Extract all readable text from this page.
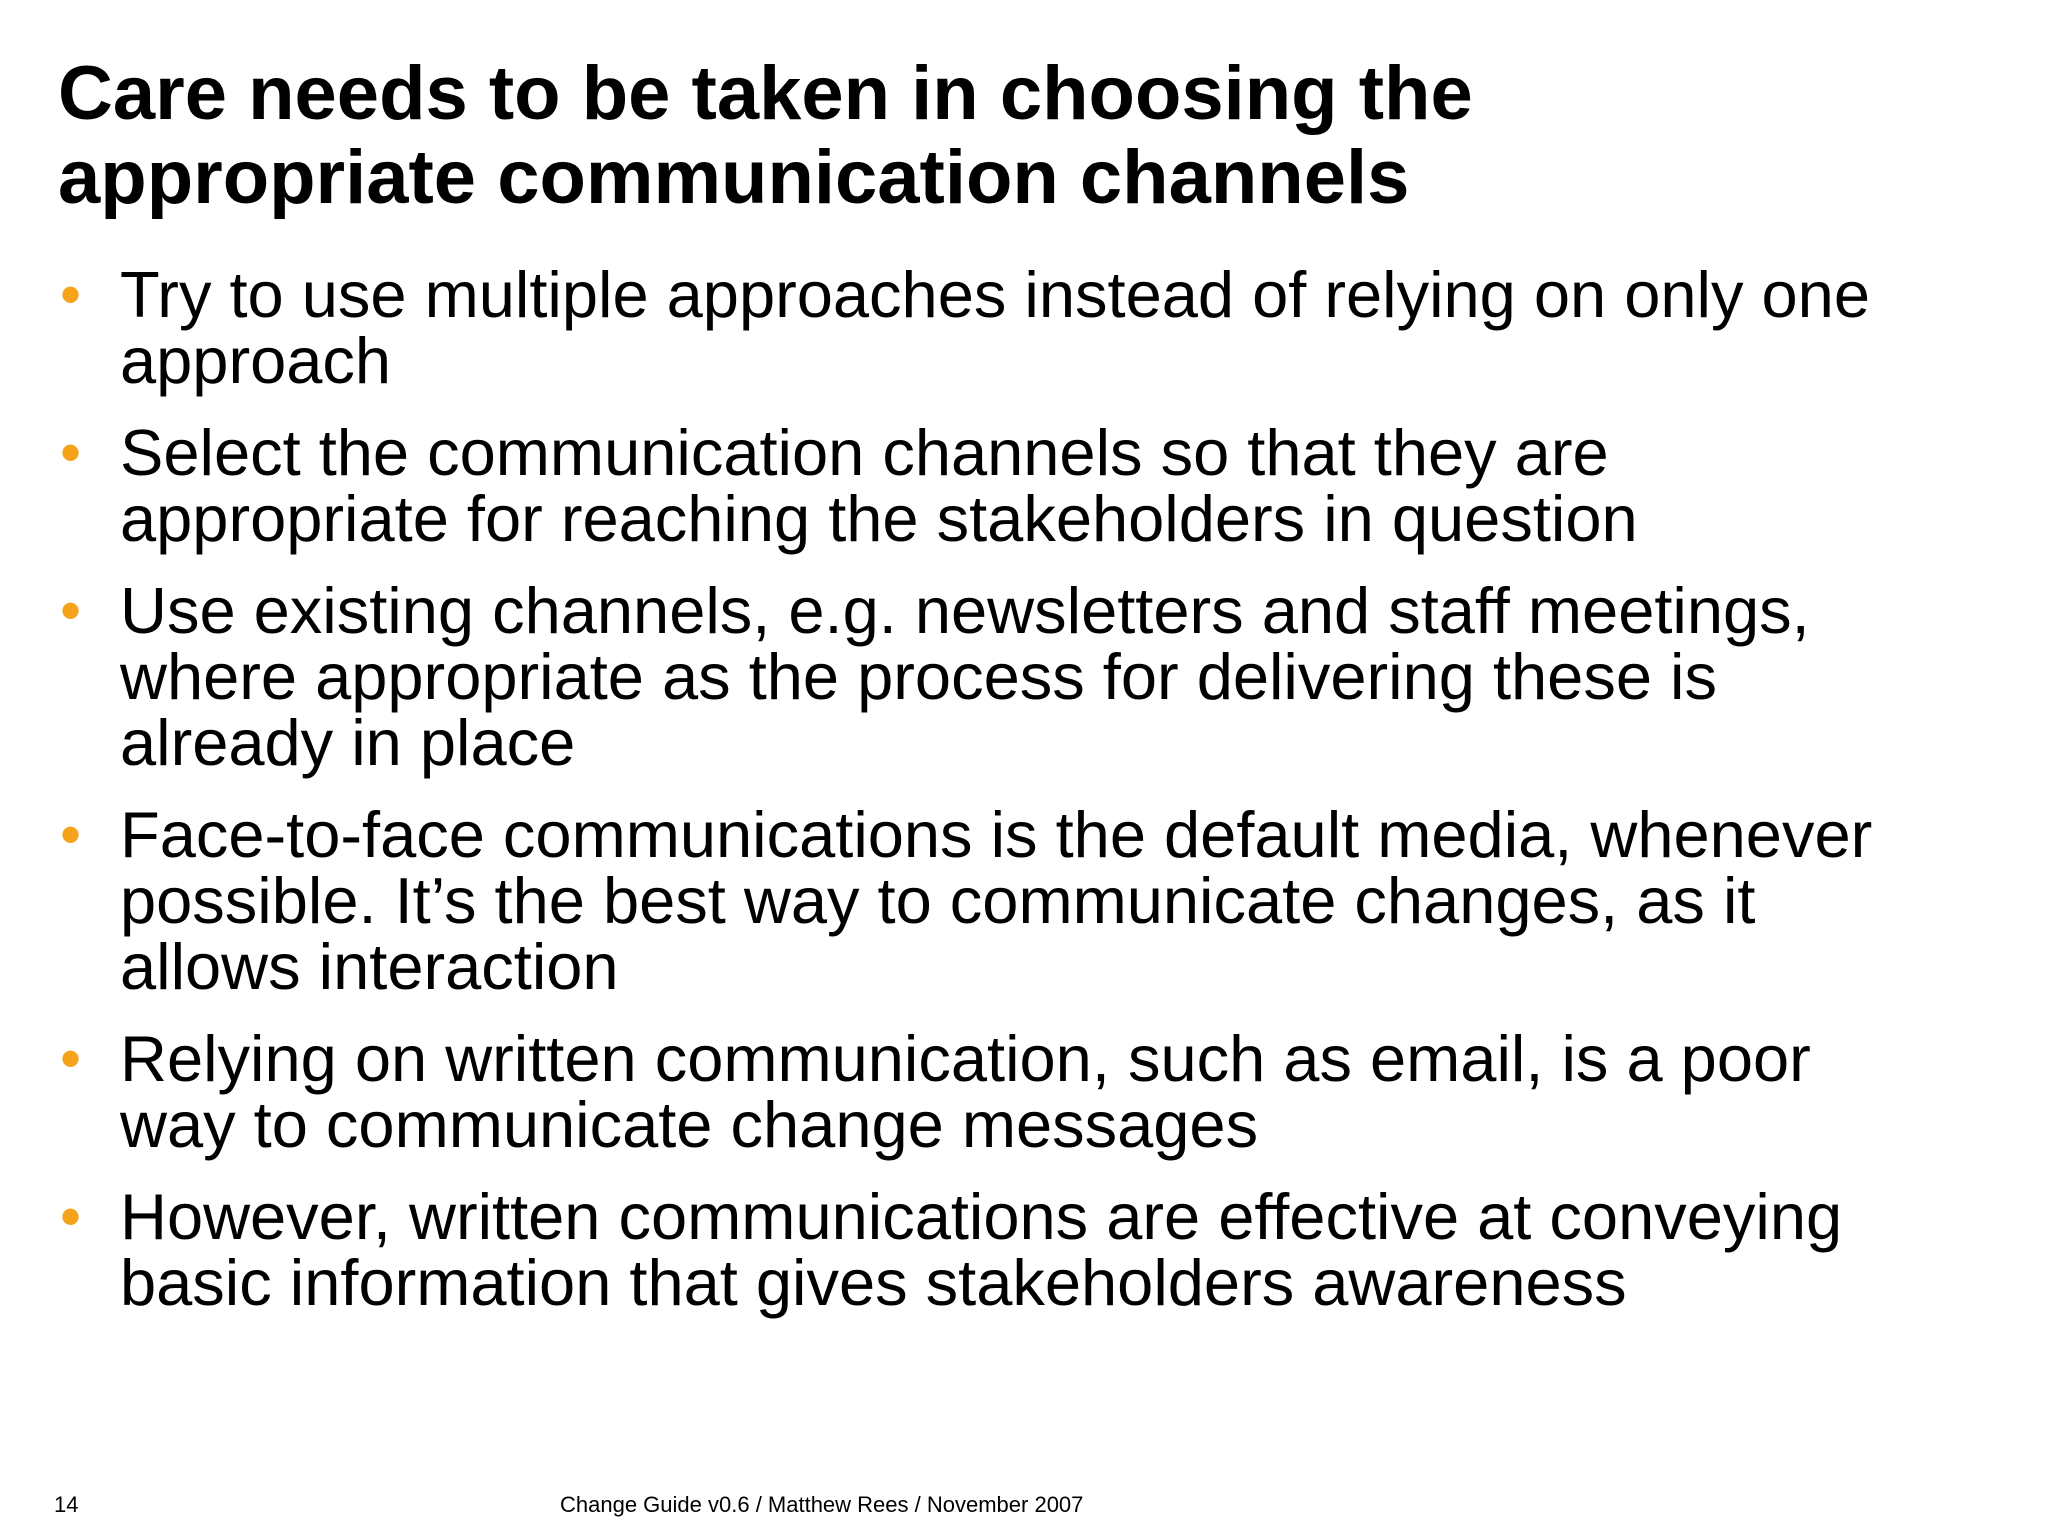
Care needs to be taken in choosing the
appropriate communication channels
• Try to use multiple approaches instead of relying on only one
approach
• Select the communication channels so that they are
appropriate for reaching the stakeholders in question
• Use existing channels, e.g. newsletters and staff meetings,
where appropriate as the process for delivering these is
already in place
• Face-to-face communications is the default media, whenever
possible. It’s the best way to communicate changes, as it
allows interaction
• Relying on written communication, such as email, is a poor
way to communicate change messages
• However, written communications are effective at conveying
basic information that gives stakeholders awareness
14	Change Guide v0.6 / Matthew Rees / November 2007
